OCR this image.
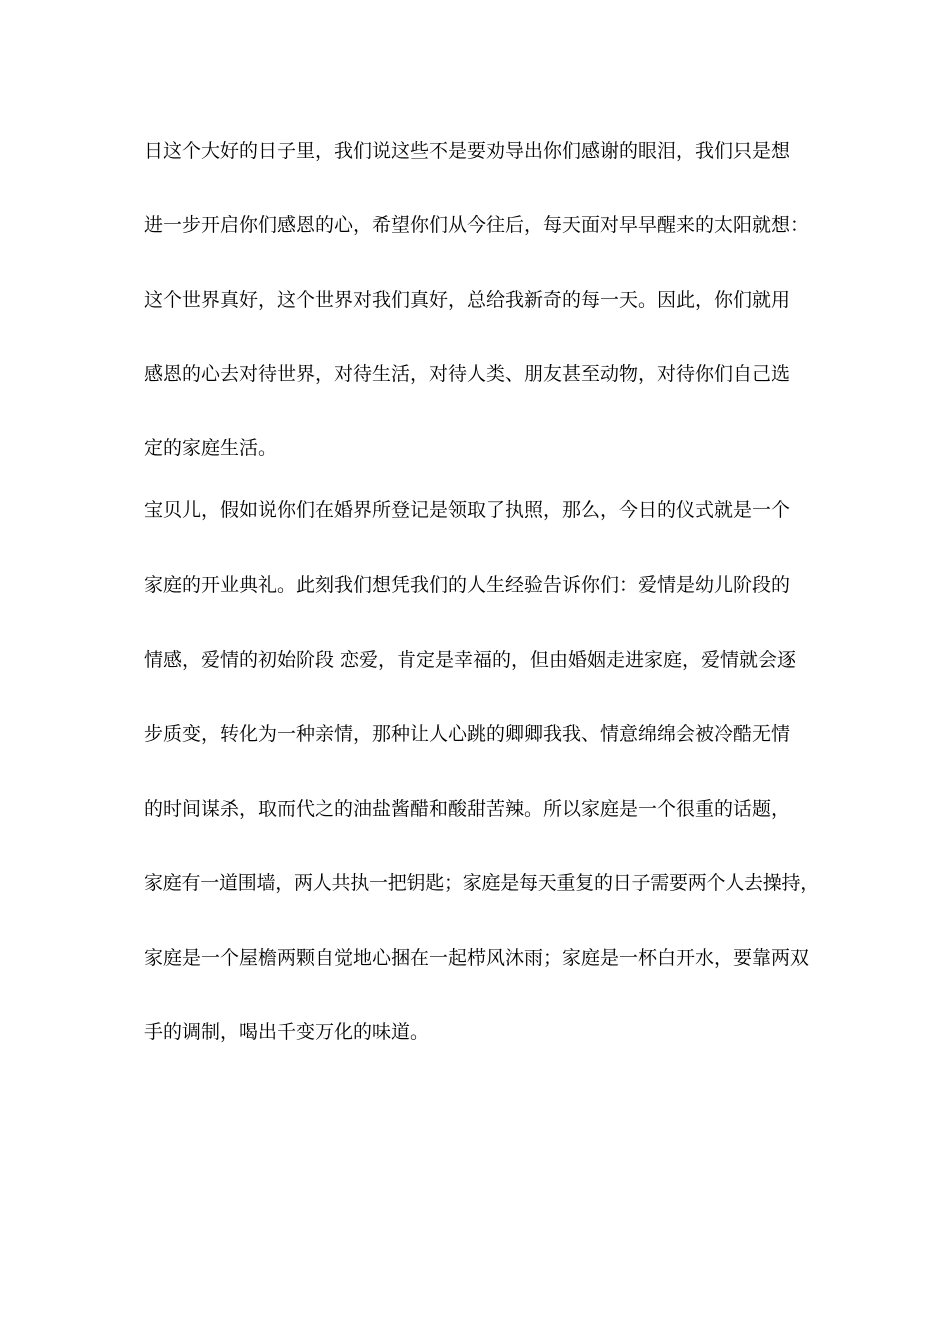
日这个大好的日子里，我们说这些不是要劝导出你们感谢的眼泪，我们只是想
进一步开启你们感恩的心，希望你们从今往后，每天面对早早醒来的太阳就想：
这个世界真好，这个世界对我们真好，总给我新奇的每一天。因此，你们就用
感恩的心去对待世界，对待生活，对待人类、朋友甚至动物，对待你们自己选
定的家庭生活。
宝贝儿，假如说你们在婚界所登记是领取了执照，那么，今日的仪式就是一个
家庭的开业典礼。此刻我们想凭我们的人生经验告诉你们：爱情是幼儿阶段的
情感，爱情的初始阶段 恋爱，肯定是幸福的，但由婚姻走进家庭，爱情就会逐
步质变，转化为一种亲情，那种让人心跳的卿卿我我、情意绵绵会被冷酷无情
的时间谋杀，取而代之的油盐酱醋和酸甜苦辣。所以家庭是一个很重的话题，
家庭有一道围墙，两人共执一把钥匙；家庭是每天重复的日子需要两个人去操持，
家庭是一个屋檐两颗自觉地心捆在一起栉风沐雨；家庭是一杯白开水，要靠两双
手的调制，喝出千变万化的味道。
